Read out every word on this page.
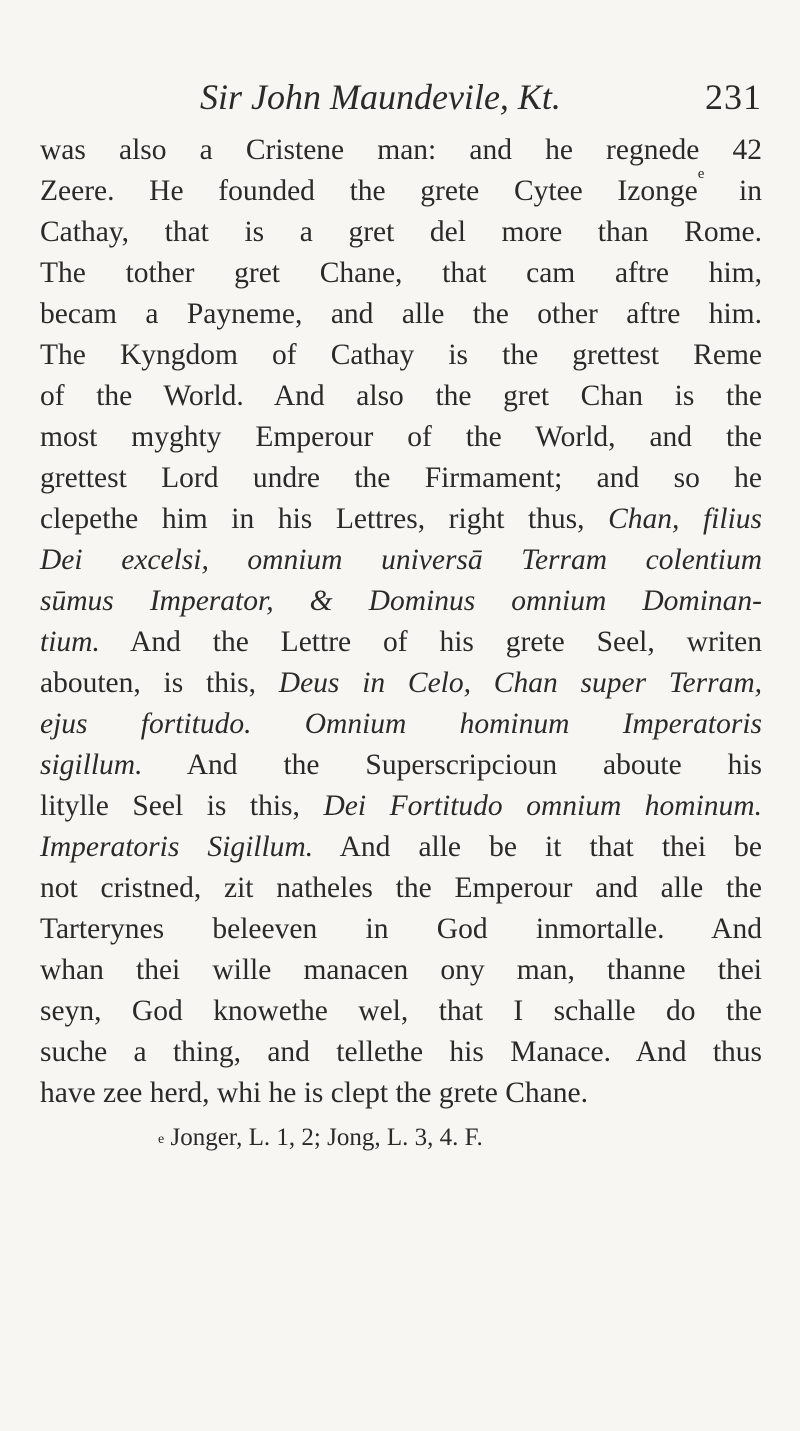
Sir John Maundevile, Kt.	231
was also a Cristene man: and he regnede 42
Zeere. He founded the grete Cytee Izonge$^e$ in
Cathay, that is a gret del more than Rome.
The tother gret Chane, that cam aftre him,
becam a Payneme, and alle the other aftre him.
The Kyngdom of Cathay is the grettest Reme
of the World. And also the gret Chan is the
most myghty Emperour of the World, and the
grettest Lord undre the Firmament; and so he
clepethe him in his Lettres, right thus, Chan, filius
Dei excelsi, omnium universā Terram colentium
sūmus Imperator, & Dominus omnium Dominan-
tium. And the Lettre of his grete Seel, writen
abouten, is this, Deus in Celo, Chan super Terram,
ejus fortitudo. Omnium hominum Imperatoris
sigillum. And the Superscripcioun aboute his
litylle Seel is this, Dei Fortitudo omnium hominum.
Imperatoris Sigillum. And alle be it that thei be
not cristned, zit natheles the Emperour and alle the
Tarterynes beleeven in God inmortalle. And
whan thei wille manacen ony man, thanne thei
seyn, God knowethe wel, that I schalle do the
suche a thing, and tellethe his Manace. And thus
have zee herd, whi he is clept the grete Chane.
$^e$ Jonger, L. 1, 2; Jong, L. 3, 4. F.
